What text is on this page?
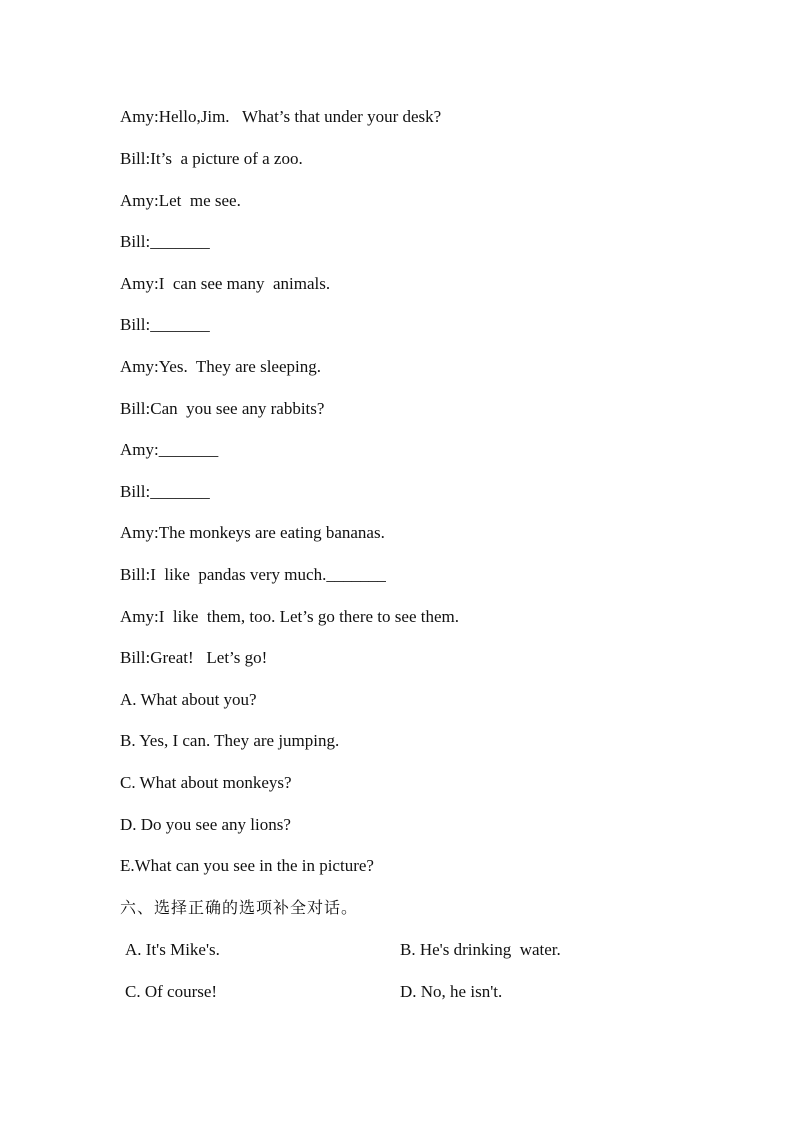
Amy:Hello,Jim.   What’s that under your desk?
Bill:It’s  a picture of a zoo.
Amy:Let  me see.
Bill:_______
Amy:I  can see many  animals.
Bill:_______
Amy:Yes.  They are sleeping.
Bill:Can  you see any rabbits?
Amy:_______
Bill:_______
Amy:The monkeys are eating bananas.
Bill:I  like  pandas very much._______
Amy:I  like  them, too. Let’s go there to see them.
Bill:Great!   Let’s go!
A. What about you?
B. Yes, I can. They are jumping.
C. What about monkeys?
D. Do you see any lions?
E.What can you see in the in picture?
六、选择正确的选项补全对话。
A. It's Mike's.	B. He's drinking  water.
C. Of course!	D. No, he isn't.
